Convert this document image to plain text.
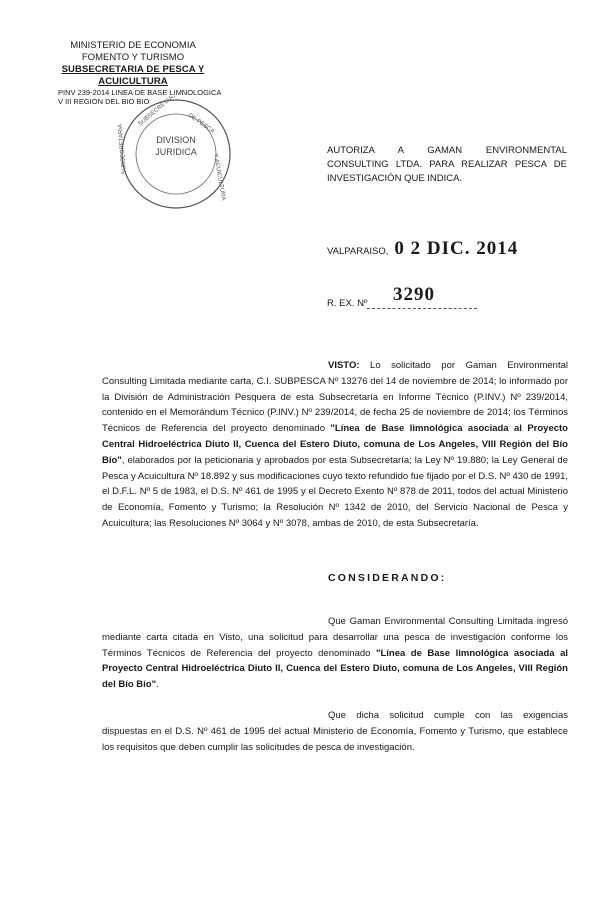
MINISTERIO DE ECONOMIA
FOMENTO Y TURISMO
SUBSECRETARIA DE PESCA Y ACUICULTURA
PINV 239-2014 LINEA DE BASE LIMNOLOGICA
V III REGION DEL BIO BIO
SUBSECRETARIA DE PESCA
Y ACUICULTURA
SUBSECRETARIA	DIVISION
JURIDICA	AUTORIZA A GAMAN ENVIRONMENTAL CONSULTING LTDA. PARA REALIZAR PESCA DE INVESTIGACIÓN QUE INDICA.
VALPARAISO, 0 2 DIC. 2014
R. EX. Nº 3290
VISTO: Lo solicitado por Gaman Environmental Consulting Limitada mediante carta, C.I. SUBPESCA Nº 13276 del 14 de noviembre de 2014; lo informado por la División de Administración Pesquera de esta Subsecretaría en Informe Técnico (P.INV.) Nº 239/2014, contenido en el Memorándum Técnico (P.INV.) Nº 239/2014, de fecha 25 de noviembre de 2014; los Términos Técnicos de Referencia del proyecto denominado "Línea de Base limnológica asociada al Proyecto Central Hidroeléctrica Diuto II, Cuenca del Estero Diuto, comuna de Los Angeles, VIII Región del Bío Bío", elaborados por la peticionaria y aprobados por esta Subsecretaría; la Ley Nº 19.880; la Ley General de Pesca y Acuicultura Nº 18.892 y sus modificaciones cuyo texto refundido fue fijado por el D.S. Nº 430 de 1991, el D.F.L. Nº 5 de 1983, el D.S. Nº 461 de 1995 y el Decreto Exento Nº 878 de 2011, todos del actual Ministerio de Economía, Fomento y Turismo; la Resolución Nº 1342 de 2010, del Servicio Nacional de Pesca y Acuicultura; las Resoluciones Nº 3064 y Nº 3078, ambas de 2010, de esta Subsecretaría.
CONSIDERANDO:
Que Gaman Environmental Consulting Limitada ingresó mediante carta citada en Visto, una solicitud para desarrollar una pesca de investigación conforme los Términos Técnicos de Referencia del proyecto denominado "Línea de Base limnológica asociada al Proyecto Central Hidroeléctrica Diuto II, Cuenca del Estero Diuto, comuna de Los Angeles, VIII Región del Bío Bío".
Que dicha solicitud cumple con las exigencias dispuestas en el D.S. Nº 461 de 1995 del actual Ministerio de Economía, Fomento y Turismo, que establece los requisitos que deben cumplir las solicitudes de pesca de investigación.
